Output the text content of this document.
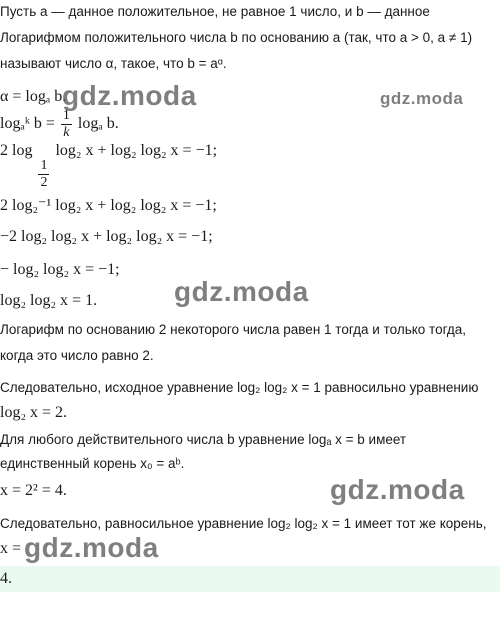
Пусть a — данное положительное, не равное 1 число, и b — данное
Логарифмом положительного числа b по основанию a (так, что a > 0, a ≠ 1)
называют число α, такое, что b = aᵅ.
α = logₐ b.
logₐᵏ $b = \frac{1}{k}$ logₐ b.
2 log
$\frac{1}{2}$
log₂ x + log₂ log₂ x = −1;
2 log₂⁻¹ log₂ x + log₂ log₂ x = −1;
−2 log₂ log₂ x + log₂ log₂ x = −1;
− log₂ log₂ x = −1;
log₂ log₂ x = 1.
Логарифм по основанию 2 некоторого числа равен 1 тогда и только тогда,
когда это число равно 2.
Следовательно, исходное уравнение log₂ log₂ x = 1 равносильно уравнению
log₂ x = 2.
Для любого действительного числа b уравнение logₐ x = b имеет
единственный корень x₀ = aᵇ.
x = 2² = 4.
Следовательно, равносильное уравнение log₂ log₂ x = 1 имеет тот же корень,
x =
4.
gdz.moda	gdz.moda
gdz.moda
gdz.moda
gdz.moda
